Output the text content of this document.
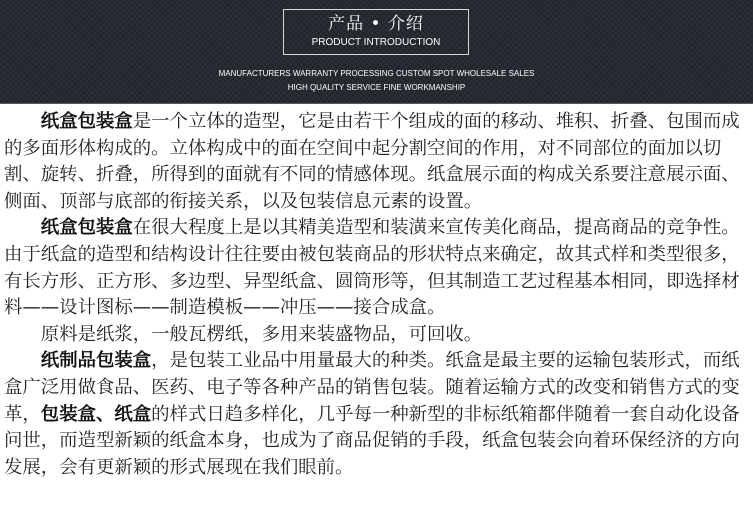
产品 • 介绍
PRODUCT INTRODUCTION
MANUFACTURERS WARRANTY PROCESSING CUSTOM SPOT WHOLESALE SALES
HIGH QUALITY SERVICE FINE WORKMANSHIP

纸盒包装盒是一个立体的造型，它是由若干个组成的面的移动、堆积、折叠、包围而成的多面形体构成的。立体构成中的面在空间中起分割空间的作用，对不同部位的面加以切割、旋转、折叠，所得到的面就有不同的情感体现。纸盒展示面的构成关系要注意展示面、侧面、顶部与底部的衔接关系，以及包装信息元素的设置。

纸盒包装盒在很大程度上是以其精美造型和装潢来宣传美化商品，提高商品的竞争性。由于纸盒的造型和结构设计往往要由被包装商品的形状特点来确定，故其式样和类型很多，有长方形、正方形、多边型、异型纸盒、圆筒形等，但其制造工艺过程基本相同，即选择材料——设计图标——制造模板——冲压——接合成盒。

原料是纸浆，一般瓦楞纸，多用来装盛物品，可回收。

纸制品包装盒，是包装工业品中用量最大的种类。纸盒是最主要的运输包装形式，而纸盒广泛用做食品、医药、电子等各种产品的销售包装。随着运输方式的改变和销售方式的变革，包装盒、纸盒的样式日趋多样化，几乎每一种新型的非标纸箱都伴随着一套自动化设备问世，而造型新颖的纸盒本身，也成为了商品促销的手段，纸盒包装会向着环保经济的方向发展，会有更新颖的形式展现在我们眼前。
